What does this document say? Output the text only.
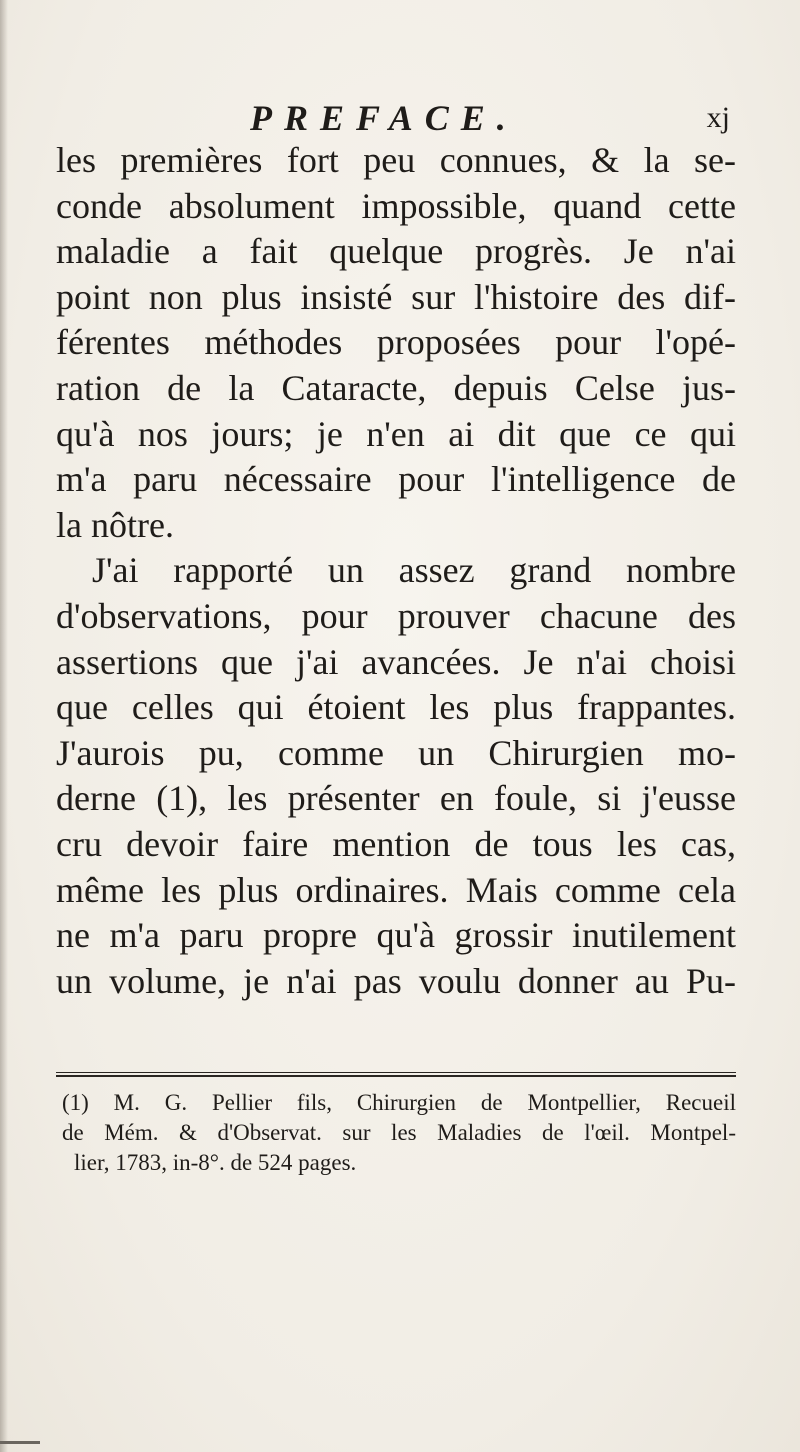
PREFACE.	xj
les premières fort peu connues, & la se-
conde absolument impossible, quand cette
maladie a fait quelque progrès. Je n'ai
point non plus insisté sur l'histoire des dif-
férentes méthodes proposées pour l'opé-
ration de la Cataracte, depuis Celse jus-
qu'à nos jours; je n'en ai dit que ce qui
m'a paru nécessaire pour l'intelligence de
la nôtre.
J'ai rapporté un assez grand nombre
d'observations, pour prouver chacune des
assertions que j'ai avancées. Je n'ai choisi
que celles qui étoient les plus frappantes.
J'aurois pu, comme un Chirurgien mo-
derne (1), les présenter en foule, si j'eusse
cru devoir faire mention de tous les cas,
même les plus ordinaires. Mais comme cela
ne m'a paru propre qu'à grossir inutilement
un volume, je n'ai pas voulu donner au Pu-
(1) M. G. Pellier fils, Chirurgien de Montpellier, Recueil
de Mém. & d'Observat. sur les Maladies de l'œil. Montpel-
lier, 1783, in-8°. de 524 pages.
